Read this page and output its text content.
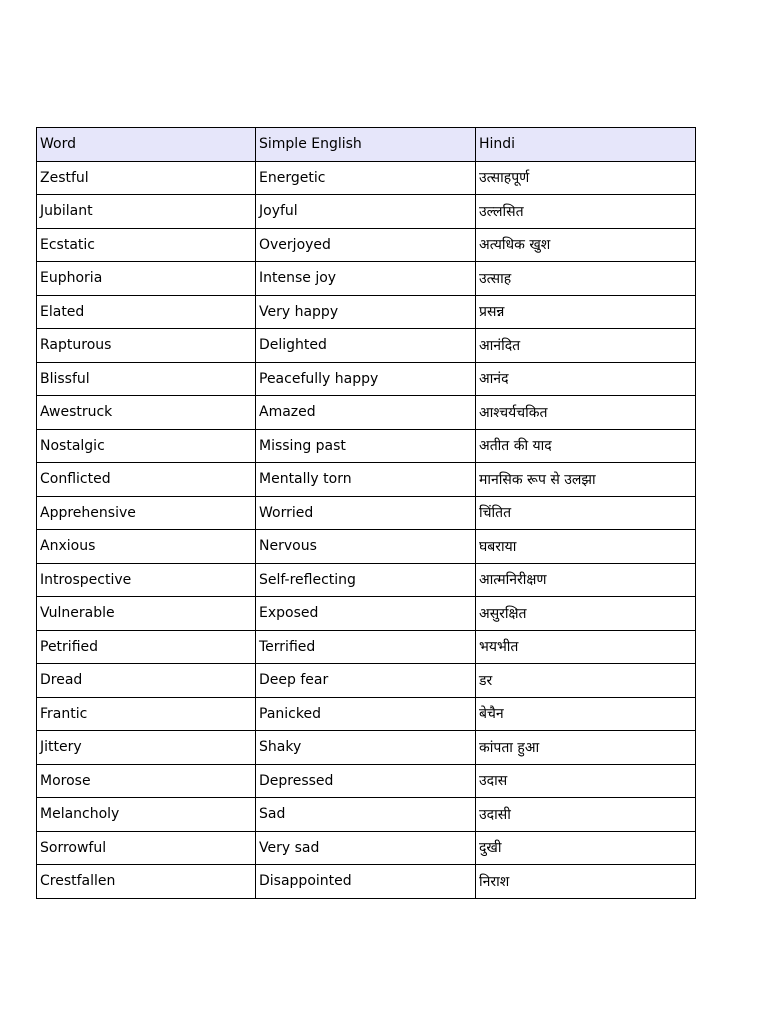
Word	Simple English	Hindi
Zestful	Energetic	उत्साहपूर्ण
Jubilant	Joyful	उल्लसित
Ecstatic	Overjoyed	अत्यधिक खुश
Euphoria	Intense joy	उत्साह
Elated	Very happy	प्रसन्न
Rapturous	Delighted	आनंदित
Blissful	Peacefully happy	आनंद
Awestruck	Amazed	आश्चर्यचकित
Nostalgic	Missing past	अतीत की याद
Conflicted	Mentally torn	मानसिक रूप से उलझा
Apprehensive	Worried	चिंतित
Anxious	Nervous	घबराया
Introspective	Self-reflecting	आत्मनिरीक्षण
Vulnerable	Exposed	असुरक्षित
Petrified	Terrified	भयभीत
Dread	Deep fear	डर
Frantic	Panicked	बेचैन
Jittery	Shaky	कांपता हुआ
Morose	Depressed	उदास
Melancholy	Sad	उदासी
Sorrowful	Very sad	दुखी
Crestfallen	Disappointed	निराश
